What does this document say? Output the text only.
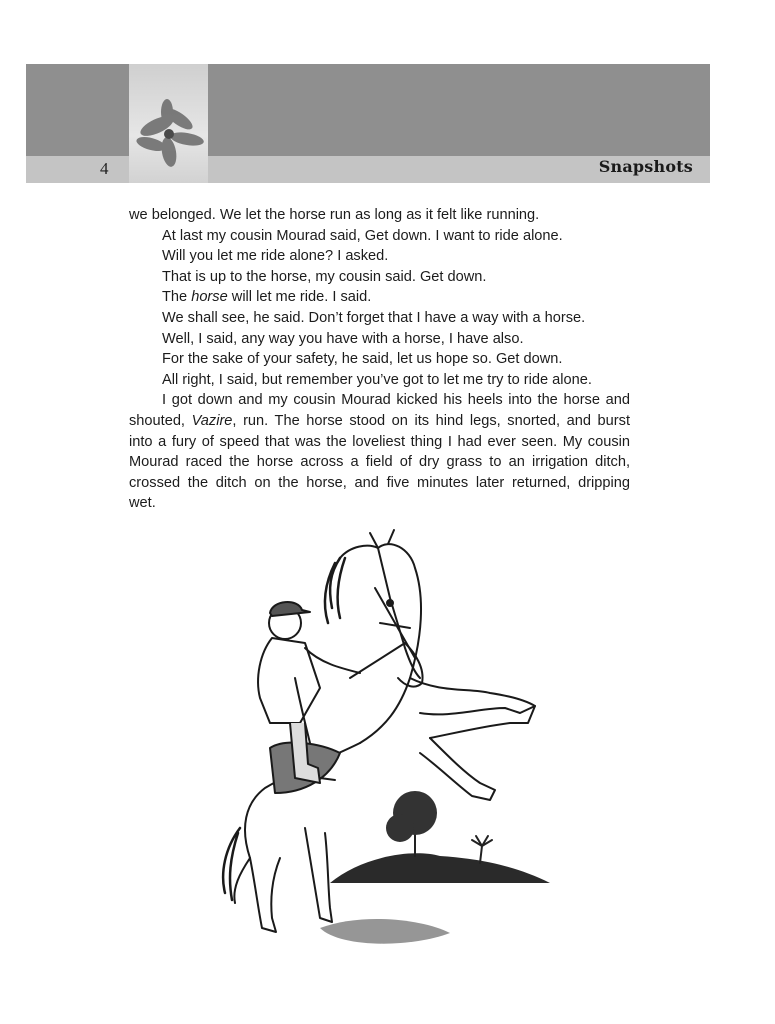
4	Snapshots

we belonged. We let the horse run as long as it felt like running.

At last my cousin Mourad said, Get down. I want to ride alone.

Will you let me ride alone? I asked.

That is up to the horse, my cousin said. Get down.

The horse will let me ride. I said.

We shall see, he said. Don’t forget that I have a way with a horse.

Well, I said, any way you have with a horse, I have also.

For the sake of your safety, he said, let us hope so. Get down.

All right, I said, but remember you’ve got to let me try to ride alone.

I got down and my cousin Mourad kicked his heels into the horse and

shouted, Vazire, run. The horse stood on its hind legs, snorted, and burst

into a fury of speed that was the loveliest thing I had ever seen. My cousin

Mourad raced the horse across a field of dry grass to an irrigation ditch,

crossed the ditch on the horse, and five minutes later returned, dripping

wet.
